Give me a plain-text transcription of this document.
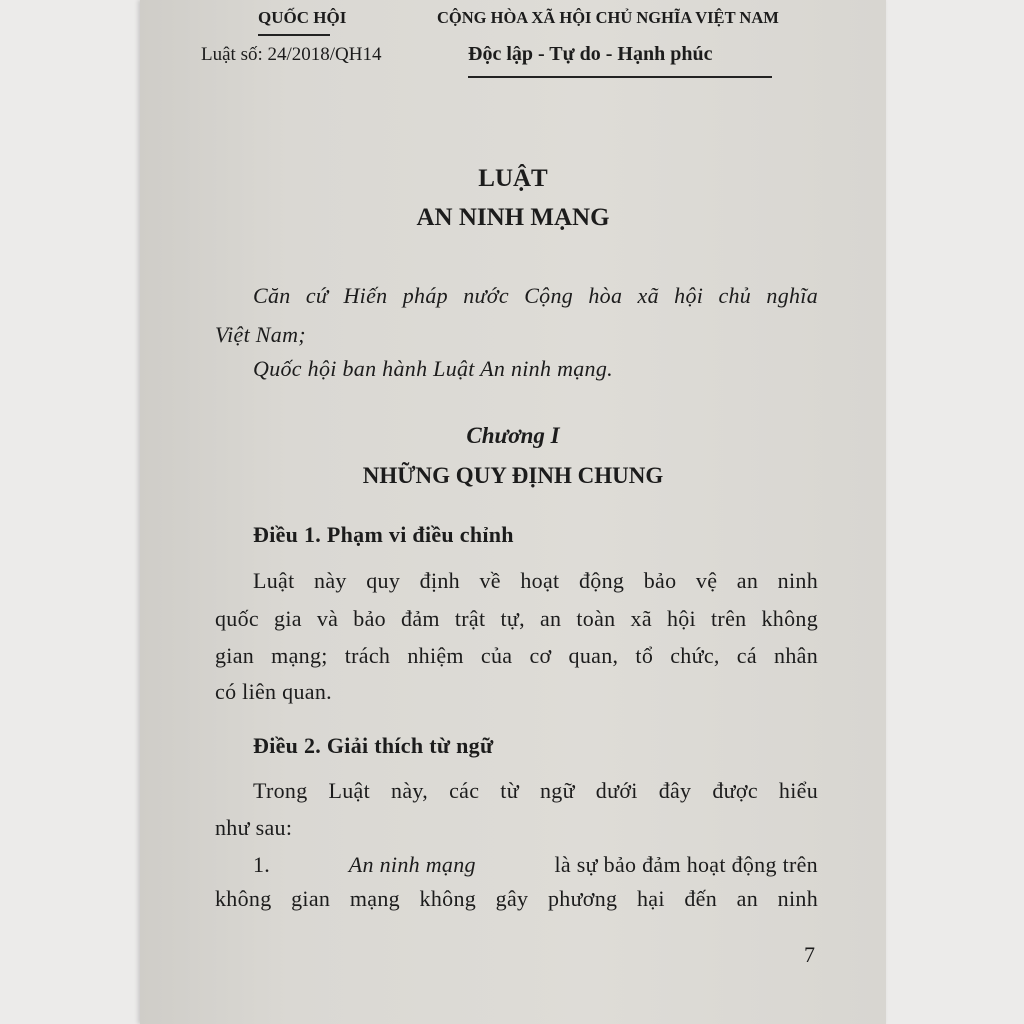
QUỐC HỘI	CỘNG HÒA XÃ HỘI CHỦ NGHĨA VIỆT NAM
Luật số: 24/2018/QH14	Độc lập - Tự do - Hạnh phúc
LUẬT
AN NINH MẠNG
Căn cứ Hiến pháp nước Cộng hòa xã hội chủ nghĩa
Việt Nam;
Quốc hội ban hành Luật An ninh mạng.
Chương I
NHỮNG QUY ĐỊNH CHUNG
Điều 1. Phạm vi điều chỉnh
Luật này quy định về hoạt động bảo vệ an ninh
quốc gia và bảo đảm trật tự, an toàn xã hội trên không
gian mạng; trách nhiệm của cơ quan, tổ chức, cá nhân
có liên quan.
Điều 2. Giải thích từ ngữ
Trong Luật này, các từ ngữ dưới đây được hiểu
như sau:
1.	An ninh mạng	là sự bảo đảm hoạt động trên
không gian mạng không gây phương hại đến an ninh
7
